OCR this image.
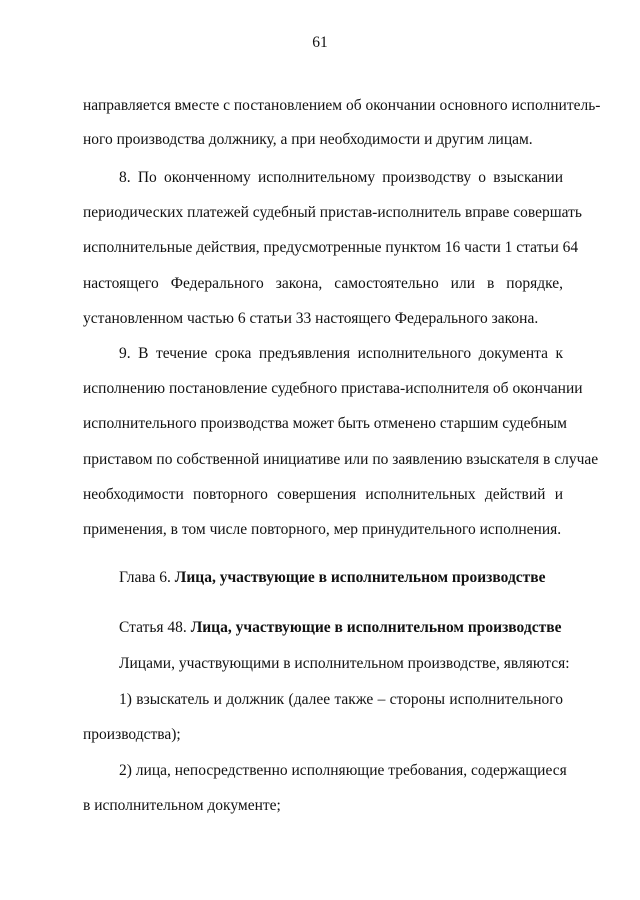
61
направляется вместе с постановлением об окончании основного исполнитель-
ного производства должнику, а при необходимости и другим лицам.
8. По оконченному исполнительному производству о взыскании
периодических платежей судебный пристав-исполнитель вправе совершать
исполнительные действия, предусмотренные пунктом 16 части 1 статьи 64
настоящего Федерального закона, самостоятельно или в порядке,
установленном частью 6 статьи 33 настоящего Федерального закона.
9. В течение срока предъявления исполнительного документа к
исполнению постановление судебного пристава-исполнителя об окончании
исполнительного производства может быть отменено старшим судебным
приставом по собственной инициативе или по заявлению взыскателя в случае
необходимости повторного совершения исполнительных действий и
применения, в том числе повторного, мер принудительного исполнения.
Глава 6. Лица, участвующие в исполнительном производстве
Статья 48. Лица, участвующие в исполнительном производстве
Лицами, участвующими в исполнительном производстве, являются:
1) взыскатель и должник (далее также – стороны исполнительного
производства);
2) лица, непосредственно исполняющие требования, содержащиеся
в исполнительном документе;
